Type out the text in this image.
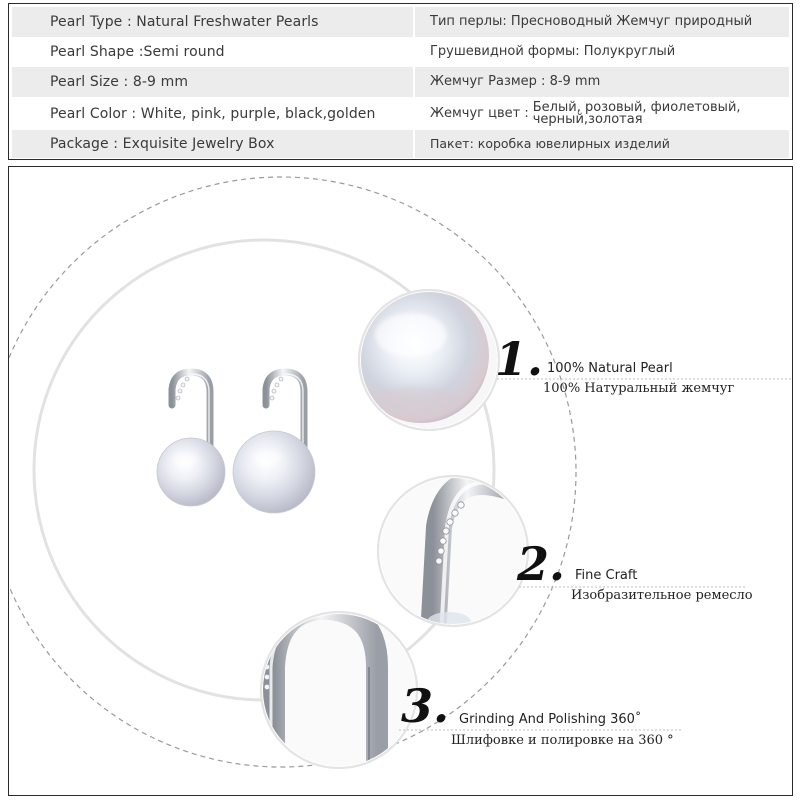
Pearl Type : Natural Freshwater Pearls	Тип перлы: Пресноводный Жемчуг природный
Pearl Shape :Semi round	Грушевидной формы: Полукруглый
Pearl Size : 8-9 mm	Жемчуг Размер : 8-9 mm
Pearl Color : White, pink, purple, black,golden	Жемчуг цвет : Белый, розовый, фиолетовый,
черный,золотая
Package : Exquisite Jewelry Box	Пакет: коробка ювелирных изделий
1. 100% Natural Pearl
100% Натуральный жемчуг
2. Fine Craft
Изобразительное ремесло
3. Grinding And Polishing 360˚
Шлифовке и полировке на 360 °
